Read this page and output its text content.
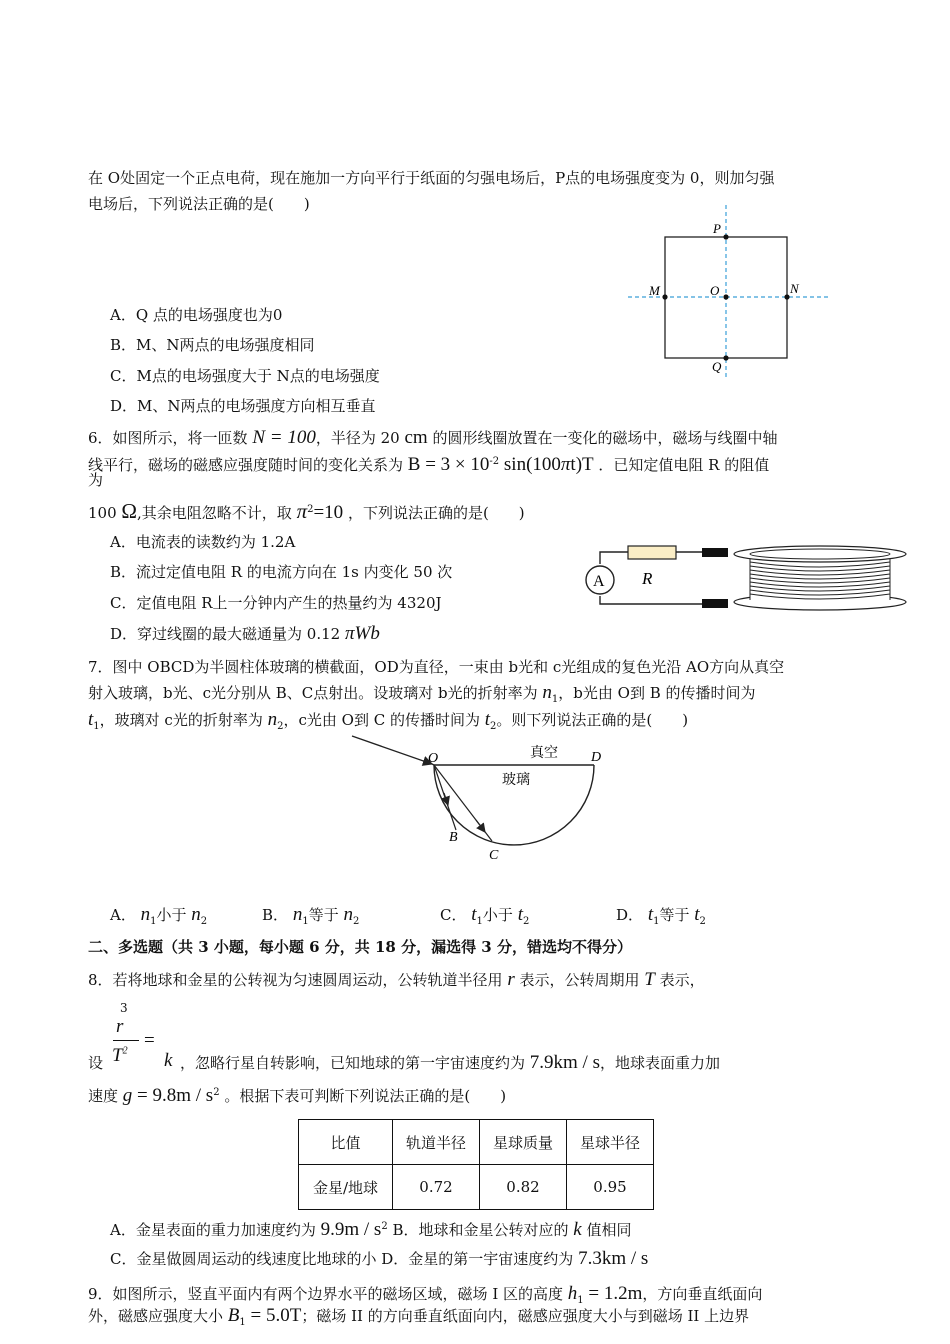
在 O处固定一个正点电荷，现在施加一方向平行于纸面的匀强电场后，P点的电场强度变为 0，则加匀强
电场后，下列说法正确的是(　　)
P
M	O	N
Q
A．Q 点的电场强度也为0
B．M、N两点的电场强度相同
C．M点的电场强度大于 N点的电场强度
D．M、N两点的电场强度方向相互垂直
6．如图所示，将一匝数 N = 100，半径为 20 cm 的圆形线圈放置在一变化的磁场中，磁场与线圈中轴
线平行，磁场的磁感应强度随时间的变化关系为 $B = 3 \times 10^{-2}$ sin(100πt)T ．已知定值电阻 R 的阻值
为
100 Ω,其余电阻忽略不计，取 $\pi^2=10$ ，下列说法正确的是(　　)
A．电流表的读数约为 1.2A
B．流过定值电阻 R 的电流方向在 1s 内变化 50 次
C．定值电阻 R上一分钟内产生的热量约为 4320J
D．穿过线圈的最大磁通量为 0.12 πWb
A R
7．图中 OBCD为半圆柱体玻璃的横截面，OD为直径，一束由 b光和 c光组成的复色光沿 AO方向从真空
射入玻璃，b光、c光分别从 B、C点射出。设玻璃对 b光的折射率为 $n_1$，b光由 O到 B 的传播时间为
$t_1$，玻璃对 c光的折射率为 $n_2$，c光由 O到 C 的传播时间为 $t_2$。则下列说法正确的是(　　)
O	D
B
C
真空
玻璃
A． $n_1$小于 $n_2$	B． $n_1$等于 $n_2$	C． $t_1$小于 $t_2$	D． $t_1$等于 $t_2$
二、多选题（共 3 小题，每小题 6 分，共 18 分，漏选得 3 分，错选均不得分）
8．若将地球和金星的公转视为匀速圆周运动，公转轨道半径用 r 表示，公转周期用 T 表示，
3
r
$T^2$
=
设	k ，忽略行星自转影响，已知地球的第一宇宙速度约为 7.9km / s，地球表面重力加
速度 $g = 9.8m / s^2$ 。根据下表可判断下列说法正确的是(　　)
比值	轨道半径	星球质量	星球半径
金星/地球	0.72	0.82	0.95
A．金星表面的重力加速度约为 $9.9m / s^2$ B．地球和金星公转对应的 k 值相同
C．金星做圆周运动的线速度比地球的小 D．金星的第一宇宙速度约为 7.3km / s
9．如图所示，竖直平面内有两个边界水平的磁场区域，磁场 I 区的高度 $h_1 = 1.2m$，方向垂直纸面向
外，磁感应强度大小 $B_1 = 5.0T$；磁场 II 的方向垂直纸面向内，磁感应强度大小与到磁场 II 上边界
